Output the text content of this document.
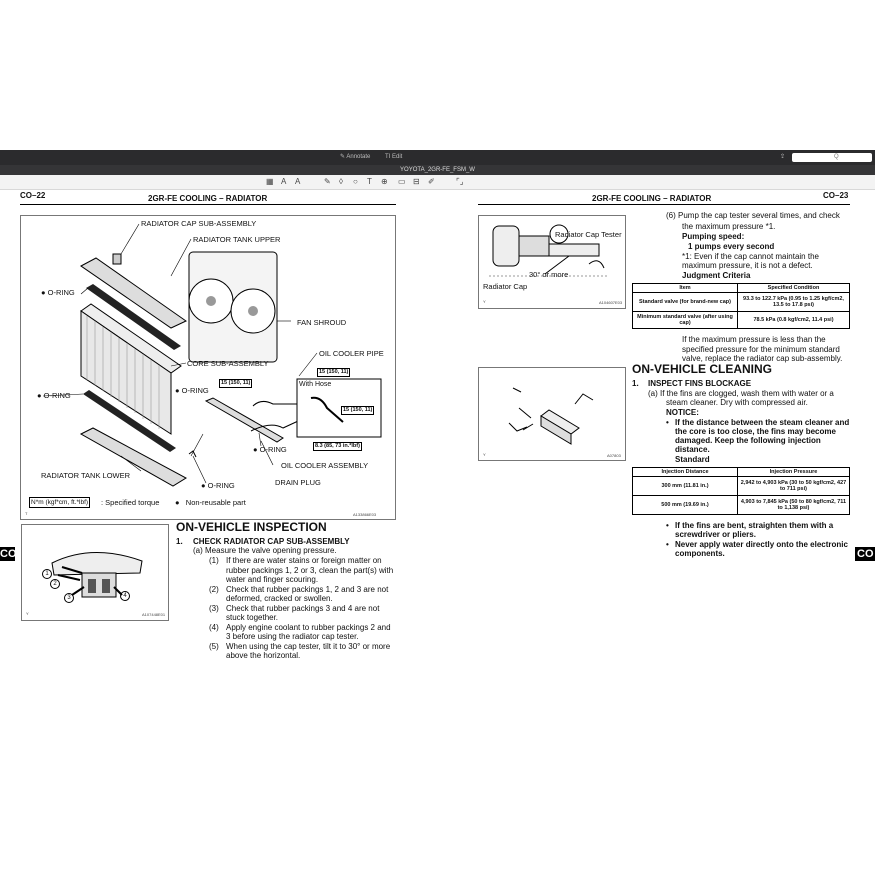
✎ Annotate TI Edit	⇪	Q
YOYOTA_2GR-FE_FSM_W
▦ A A	✎ ◊ ○ T ⊕ ▭ ⊟ ✐	⌜⌟
CO–22	2GR-FE COOLING – RADIATOR
RADIATOR CAP SUB-ASSEMBLY
RADIATOR TANK UPPER
● O-RING
FAN SHROUD
CORE SUB-ASSEMBLY
OIL COOLER PIPE
● O-RING
● O-RING
● O-RING
With Hose
OIL COOLER ASSEMBLY
DRAIN PLUG
● O-RING
RADIATOR TANK LOWER
15 (150, 11)
15 (150, 11)
15 (150, 11)
8.3 (85, 73 in.*lbf)
N*m (kgf*cm, ft.*lbf) : Specified torque ●   Non-reusable part
T	A133866E03
1
2
3	4
Y	A107448E01
ON-VEHICLE INSPECTION
1. CHECK RADIATOR CAP SUB-ASSEMBLY
(a) Measure the valve opening pressure.
(1) If there are water stains or foreign matter on
rubber packings 1, 2 or 3, clean the part(s) with
water and finger scouring.
(2) Check that rubber packings 1, 2 and 3 are not
deformed, cracked or swollen.
(3) Check that rubber packings 3 and 4 are not
stuck together.
(4) Apply engine coolant to rubber packings 2 and
3 before using the radiator cap tester.
(5) When using the cap tester, tilt it to 30° or more
above the horizontal.
CO
2GR-FE COOLING – RADIATOR	CO–23
Radiator Cap Tester
30° or more
Radiator Cap
Y	A104607E03
(6) Pump the cap tester several times, and check
the maximum pressure *1.
Pumping speed:
1 pumps every second
*1: Even if the cap cannot maintain the
maximum pressure, it is not a defect.
Judgment Criteria
Item	Specified Condition
Standard valve (for brand-new cap)	93.3 to 122.7 kPa (0.95 to 1.25 kgf/cm2, 13.5 to 17.8 psi)
Minimum standard valve (after using cap)	78.5 kPa (0.8 kgf/cm2, 11.4 psi)
If the maximum pressure is less than the
specified pressure for the minimum standard
valve, replace the radiator cap sub-assembly.
ON-VEHICLE CLEANING
1. INSPECT FINS BLOCKAGE
(a) If the fins are clogged, wash them with water or a
steam cleaner. Dry with compressed air.
NOTICE:
• If the distance between the steam cleaner and
the core is too close, the fins may become
damaged. Keep the following injection
distance.
Standard
Y	A07803
Injection Distance	Injection Pressure
300 mm (11.81 in.)	2,942 to 4,903 kPa (30 to 50 kgf/cm2, 427 to 711 psi)
500 mm (19.69 in.)	4,903 to 7,845 kPa (50 to 80 kgf/cm2, 711 to 1,138 psi)
• If the fins are bent, straighten them with a
screwdriver or pliers.
• Never apply water directly onto the electronic
components.	CO
